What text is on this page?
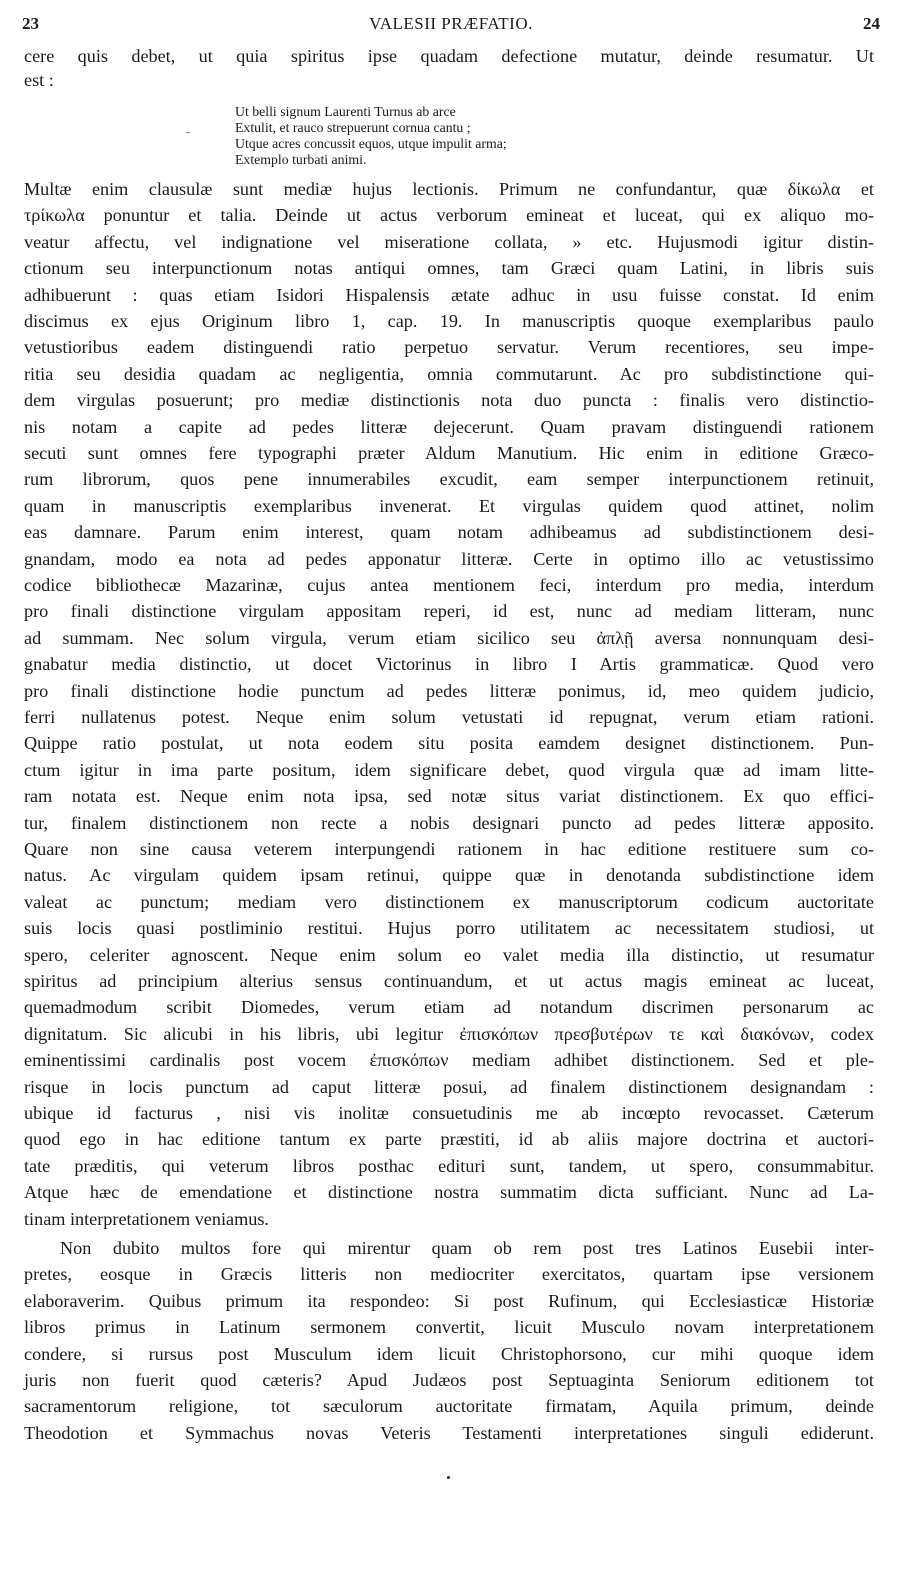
23	VALESII PRÆFATIO.	24
cere quis debet, ut quia spiritus ipse quadam defectione mutatur, deinde resumatur. Ut
est :
˗
Ut belli signum Laurenti Turnus ab arce
Extulit, et rauco strepuerunt cornua cantu ;
Utque acres concussit equos, utque impulit arma;
Extemplo turbati animi.
Multæ enim clausulæ sunt mediæ hujus lectionis. Primum ne confundantur, quæ δίκωλα et
τρίκωλα ponuntur et talia. Deinde ut actus verborum emineat et luceat, qui ex aliquo mo-
veatur affectu, vel indignatione vel miseratione collata, » etc. Hujusmodi igitur distin-
ctionum seu interpunctionum notas antiqui omnes, tam Græci quam Latini, in libris suis
adhibuerunt : quas etiam Isidori Hispalensis ætate adhuc in usu fuisse constat. Id enim
discimus ex ejus Originum libro 1, cap. 19. In manuscriptis quoque exemplaribus paulo
vetustioribus eadem distinguendi ratio perpetuo servatur. Verum recentiores, seu impe-
ritia seu desidia quadam ac negligentia, omnia commutarunt. Ac pro subdistinctione qui-
dem virgulas posuerunt; pro mediæ distinctionis nota duo puncta : finalis vero distinctio-
nis notam a capite ad pedes litteræ dejecerunt. Quam pravam distinguendi rationem
secuti sunt omnes fere typographi præter Aldum Manutium. Hic enim in editione Græco-
rum librorum, quos pene innumerabiles excudit, eam semper interpunctionem retinuit,
quam in manuscriptis exemplaribus invenerat. Et virgulas quidem quod attinet, nolim
eas damnare. Parum enim interest, quam notam adhibeamus ad subdistinctionem desi-
gnandam, modo ea nota ad pedes apponatur litteræ. Certe in optimo illo ac vetustissimo
codice bibliothecæ Mazarinæ, cujus antea mentionem feci, interdum pro media, interdum
pro finali distinctione virgulam appositam reperi, id est, nunc ad mediam litteram, nunc
ad summam. Nec solum virgula, verum etiam sicilico seu ἀπλῇ aversa nonnunquam desi-
gnabatur media distinctio, ut docet Victorinus in libro I Artis grammaticæ. Quod vero
pro finali distinctione hodie punctum ad pedes litteræ ponimus, id, meo quidem judicio,
ferri nullatenus potest. Neque enim solum vetustati id repugnat, verum etiam rationi.
Quippe ratio postulat, ut nota eodem situ posita eamdem designet distinctionem. Pun-
ctum igitur in ima parte positum, idem significare debet, quod virgula quæ ad imam litte-
ram notata est. Neque enim nota ipsa, sed notæ situs variat distinctionem. Ex quo effici-
tur, finalem distinctionem non recte a nobis designari puncto ad pedes litteræ apposito.
Quare non sine causa veterem interpungendi rationem in hac editione restituere sum co-
natus. Ac virgulam quidem ipsam retinui, quippe quæ in denotanda subdistinctione idem
valeat ac punctum; mediam vero distinctionem ex manuscriptorum codicum auctoritate
suis locis quasi postliminio restitui. Hujus porro utilitatem ac necessitatem studiosi, ut
spero, celeriter agnoscent. Neque enim solum eo valet media illa distinctio, ut resumatur
spiritus ad principium alterius sensus continuandum, et ut actus magis emineat ac luceat,
quemadmodum scribit Diomedes, verum etiam ad notandum discrimen personarum ac
dignitatum. Sic alicubi in his libris, ubi legitur ἐπισκόπων πρεσβυτέρων τε καὶ διακόνων, codex
eminentissimi cardinalis post vocem ἐπισκόπων mediam adhibet distinctionem. Sed et ple-
risque in locis punctum ad caput litteræ posui, ad finalem distinctionem designandam :
ubique id facturus , nisi vis inolitæ consuetudinis me ab incœpto revocasset. Cæterum
quod ego in hac editione tantum ex parte præstiti, id ab aliis majore doctrina et auctori-
tate præditis, qui veterum libros posthac edituri sunt, tandem, ut spero, consummabitur.
Atque hæc de emendatione et distinctione nostra summatim dicta sufficiant. Nunc ad La-
tinam interpretationem veniamus.
Non dubito multos fore qui mirentur quam ob rem post tres Latinos Eusebii inter-
pretes, eosque in Græcis litteris non mediocriter exercitatos, quartam ipse versionem
elaboraverim. Quibus primum ita respondeo: Si post Rufinum, qui Ecclesiasticæ Historiæ
libros primus in Latinum sermonem convertit, licuit Musculo novam interpretationem
condere, si rursus post Musculum idem licuit Christophorsono, cur mihi quoque idem
juris non fuerit quod cæteris? Apud Judæos post Septuaginta Seniorum editionem tot
sacramentorum religione, tot sæculorum auctoritate firmatam, Aquila primum, deinde
Theodotion et Symmachus novas Veteris Testamenti interpretationes singuli ediderunt.
